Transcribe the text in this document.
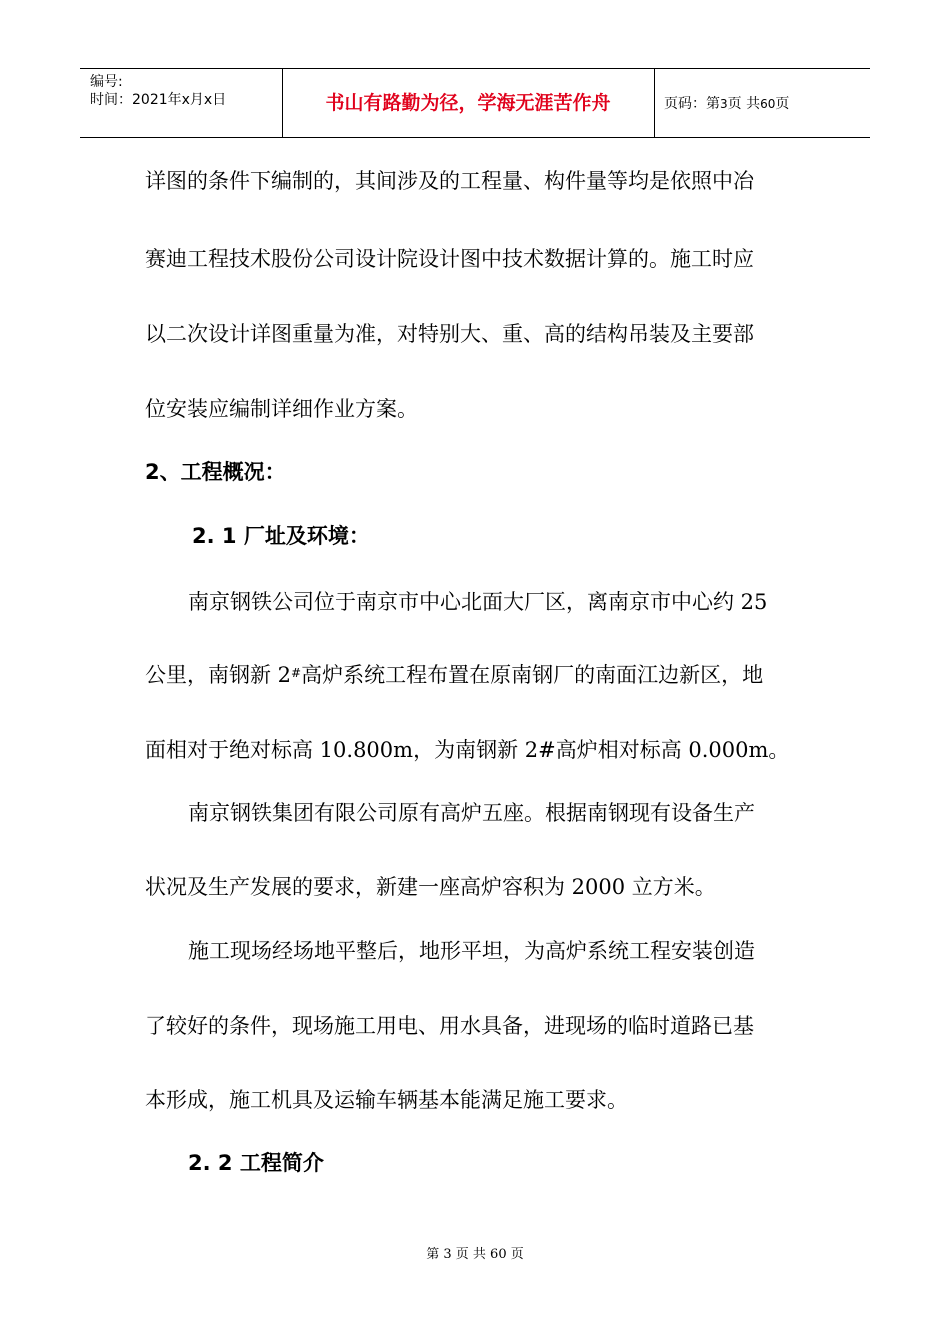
编号:
时间：2021年x月x日	书山有路勤为径，学海无涯苦作舟	页码：第3页 共60页
详图的条件下编制的，其间涉及的工程量、构件量等均是依照中冶
赛迪工程技术股份公司设计院设计图中技术数据计算的。施工时应
以二次设计详图重量为准，对特别大、重、高的结构吊装及主要部
位安装应编制详细作业方案。
2、工程概况：
2. 1 厂址及环境：
南京钢铁公司位于南京市中心北面大厂区，离南京市中心约 25
公里，南钢新 2#高炉系统工程布置在原南钢厂的南面江边新区，地
面相对于绝对标高 10.800m，为南钢新 2#高炉相对标高 0.000m。
南京钢铁集团有限公司原有高炉五座。根据南钢现有设备生产
状况及生产发展的要求，新建一座高炉容积为 2000 立方米。
施工现场经场地平整后，地形平坦，为高炉系统工程安装创造
了较好的条件，现场施工用电、用水具备，进现场的临时道路已基
本形成，施工机具及运输车辆基本能满足施工要求。
2. 2 工程简介
第 3 页 共 60 页
